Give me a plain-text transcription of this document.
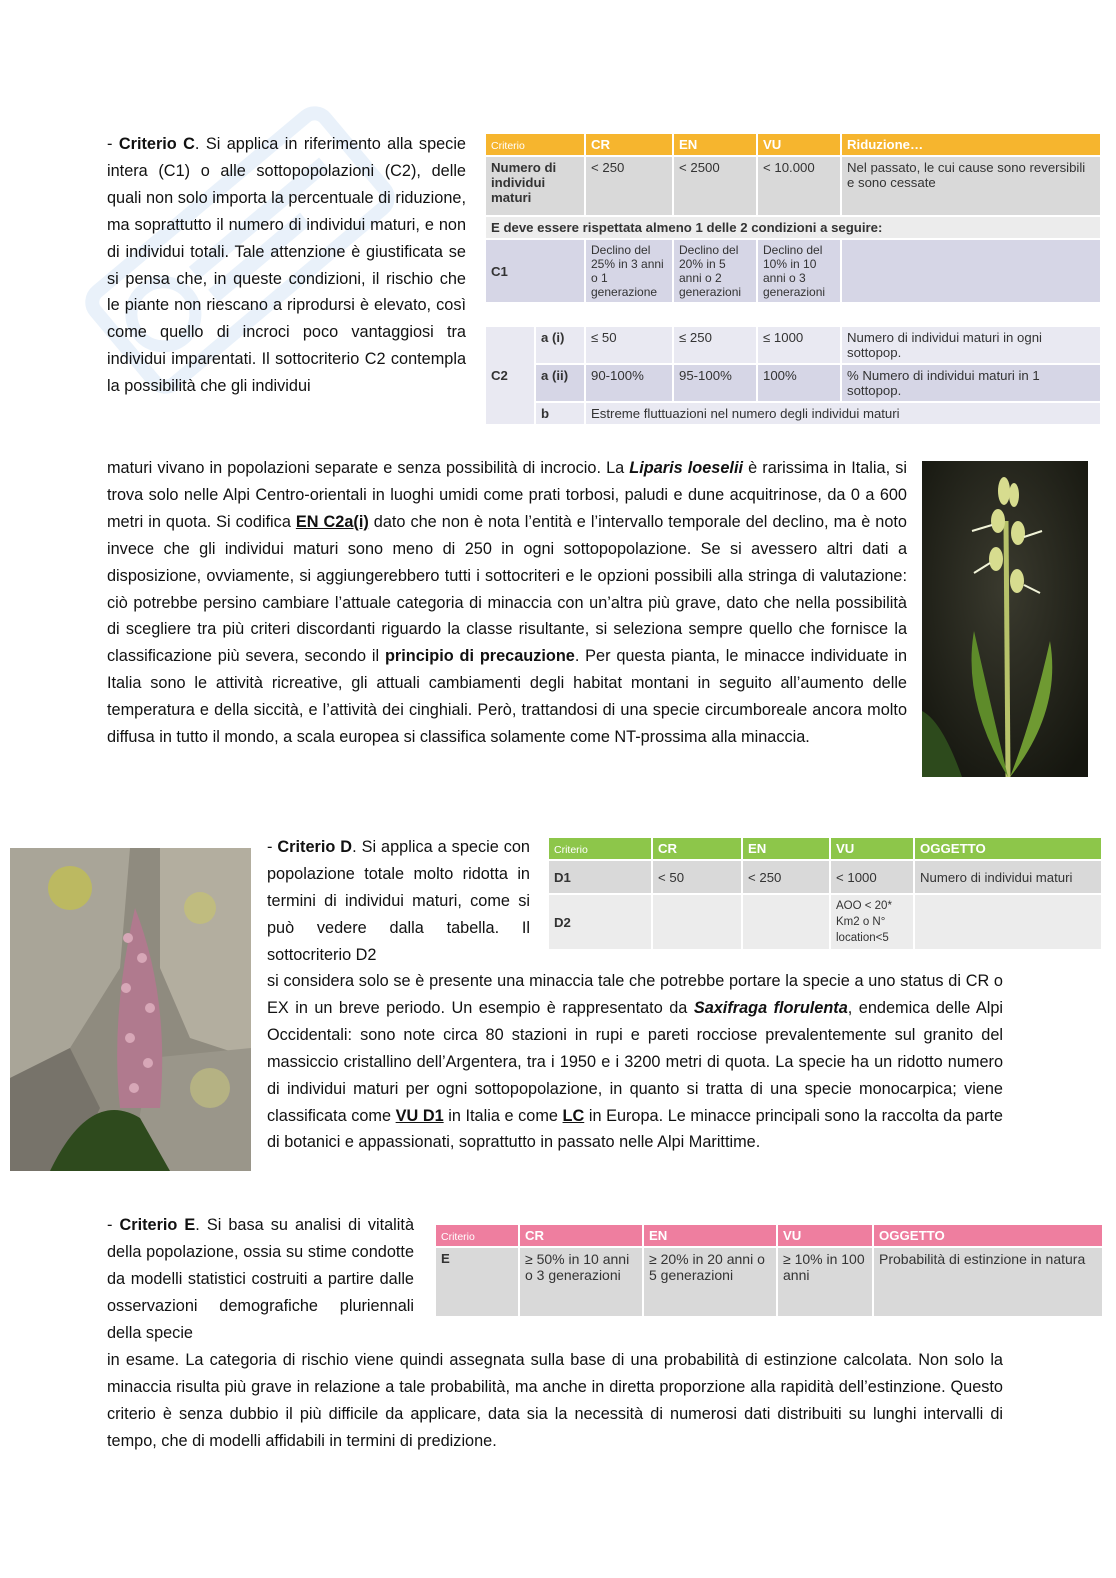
- Criterio C. Si applica in riferimento alla specie intera (C1) o alle sottopopolazioni (C2), delle quali non solo importa la percentuale di riduzione, ma soprattutto il numero di individui maturi, e non di individui totali. Tale attenzione è giustificata se si pensa che, in queste condizioni, il rischio che le piante non riescano a riprodursi è elevato, così come quello di incroci poco vantaggiosi tra individui imparentati. Il sottocriterio C2 contempla la possibilità che gli individui

maturi vivano in popolazioni separate e senza possibilità di incrocio. La Liparis loeselii è rarissima in Italia, si trova solo nelle Alpi Centro-orientali in luoghi umidi come prati torbosi, paludi e dune acquitrinose, da 0 a 600 metri in quota. Si codifica EN C2a(i) dato che non è nota l’entità e l’intervallo temporale del declino, ma è noto invece che gli individui maturi sono meno di 250 in ogni sottopopolazione. Se si avessero altri dati a disposizione, ovviamente, si aggiungerebbero tutti i sottocriteri e le opzioni possibili alla stringa di valutazione: ciò potrebbe persino cambiare l’attuale categoria di minaccia con un’altra più grave, dato che nella possibilità di scegliere tra più criteri discordanti riguardo la classe risultante, si seleziona sempre quello che fornisce la classificazione più severa, secondo il principio di precauzione. Per questa pianta, le minacce individuate in Italia sono le attività ricreative, gli attuali cambiamenti degli habitat montani in seguito all’aumento delle temperatura e della siccità, e l’attività dei cinghiali. Però, trattandosi di una specie circumboreale ancora molto diffusa in tutto il mondo, a scala europea si classifica solamente come NT-prossima alla minaccia.

Criterio	CR	EN	VU	Riduzione…
Numero di individui maturi	< 250	< 2500	< 10.000	Nel passato, le cui cause sono reversibili e sono cessate
E deve essere rispettata almeno 1 delle 2 condizioni a seguire:				
C1	Declino del 25% in 3 anni o 1 generazione	Declino del 20% in 5 anni o 2 generazioni	Declino del 10% in 10 anni o 3 generazioni	
C2	a (i)	≤ 50	≤ 250	≤ 1000	Numero di individui maturi in ogni sottopop.
	a (ii)	90-100%	95-100%	100%	% Numero di individui maturi in 1 sottopop.
	b	Estreme fluttuazioni nel numero degli individui maturi			

- Criterio D. Si applica a specie con popolazione totale molto ridotta in termini di individui maturi, come si può vedere dalla tabella. Il sottocriterio D2

si considera solo se è presente una minaccia tale che potrebbe portare la specie a uno status di CR o EX in un breve periodo. Un esempio è rappresentato da Saxifraga florulenta, endemica delle Alpi Occidentali: sono note circa 80 stazioni in rupi e pareti rocciose prevalentemente sul granito del massiccio cristallino dell’Argentera, tra i 1950 e i 3200 metri di quota. La specie ha un ridotto numero di individui maturi per ogni sottopopolazione, in quanto si tratta di una specie monocarpica; viene classificata come VU D1 in Italia e come LC in Europa. Le minacce principali sono la raccolta da parte di botanici e appassionati, soprattutto in passato nelle Alpi Marittime.

Criterio	CR	EN	VU	OGGETTO
D1	< 50	< 250	< 1000	Numero di individui maturi
D2			AOO < 20* Km2 o N° location<5	

- Criterio E. Si basa su analisi di vitalità della popolazione, ossia su stime condotte da modelli statistici costruiti a partire dalle osservazioni demografiche pluriennali della specie

in esame. La categoria di rischio viene quindi assegnata sulla base di una probabilità di estinzione calcolata. Non solo la minaccia risulta più grave in relazione a tale probabilità, ma anche in diretta proporzione alla rapidità dell’estinzione. Questo criterio è senza dubbio il più difficile da applicare, data sia la necessità di numerosi dati distribuiti su lunghi intervalli di tempo, che di modelli affidabili in termini di predizione.

Criterio	CR	EN	VU	OGGETTO
E	≥ 50% in 10 anni o 3 generazioni	≥ 20% in 20 anni o 5 generazioni	≥ 10% in 100 anni	Probabilità di estinzione in natura
